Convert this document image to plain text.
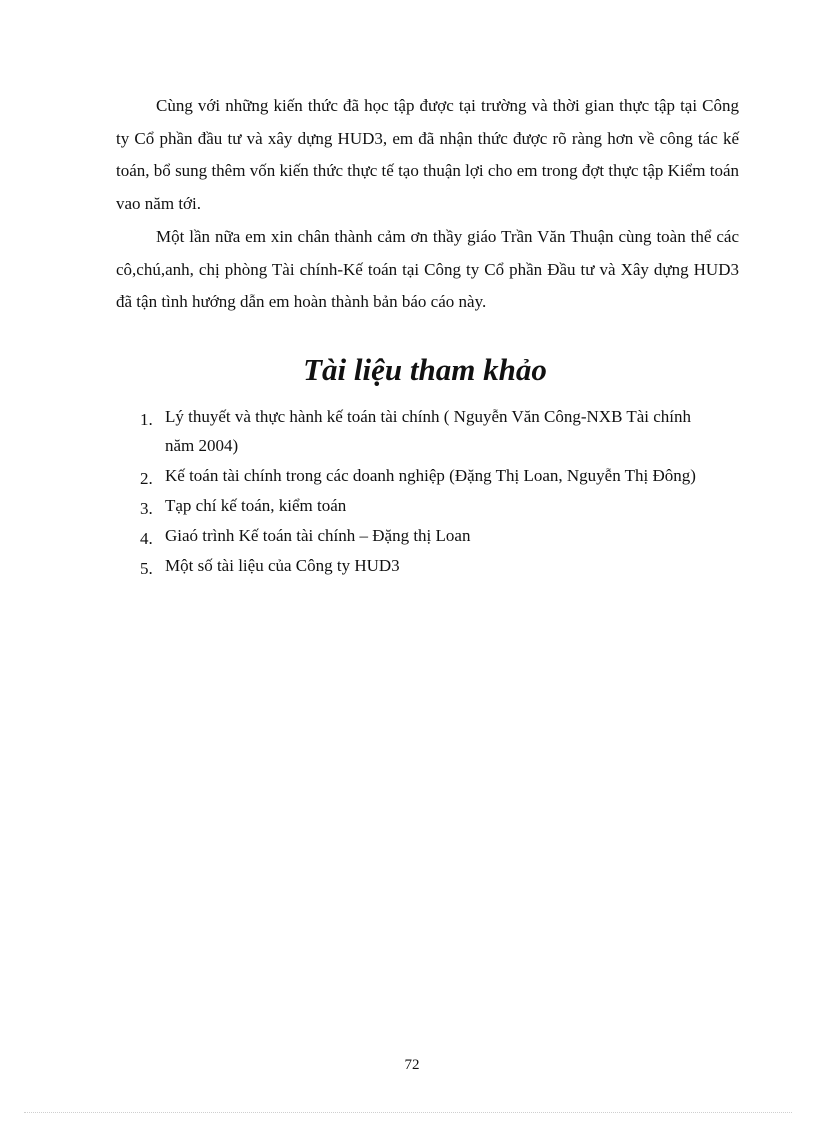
Cùng với những kiến thức đã học tập được tại trường và thời gian thực tập tại Công ty Cổ phần đầu tư và xây dựng HUD3, em đã nhận thức được rõ ràng hơn về công tác kế toán, bổ sung thêm vốn kiến thức thực tế tạo thuận lợi cho em trong đợt thực tập Kiểm toán vao năm tới.

Một lần nữa em xin chân thành cảm ơn thầy giáo Trần Văn Thuận cùng toàn thể các cô,chú,anh, chị phòng Tài chính-Kế toán tại Công ty Cổ phần Đầu tư và Xây dựng HUD3 đã tận tình hướng dẫn em hoàn thành bản báo cáo này.

Tài liệu tham khảo
1. Lý thuyết và thực hành kế toán tài chính ( Nguyễn Văn Công-NXB Tài chính năm 2004)
2. Kế toán tài chính trong các doanh nghiệp (Đặng Thị Loan, Nguyễn Thị Đông)
3. Tạp chí kế toán, kiểm toán
4. Giaó trình Kế toán tài chính – Đặng thị Loan
5. Một số tài liệu của Công ty HUD3
72
